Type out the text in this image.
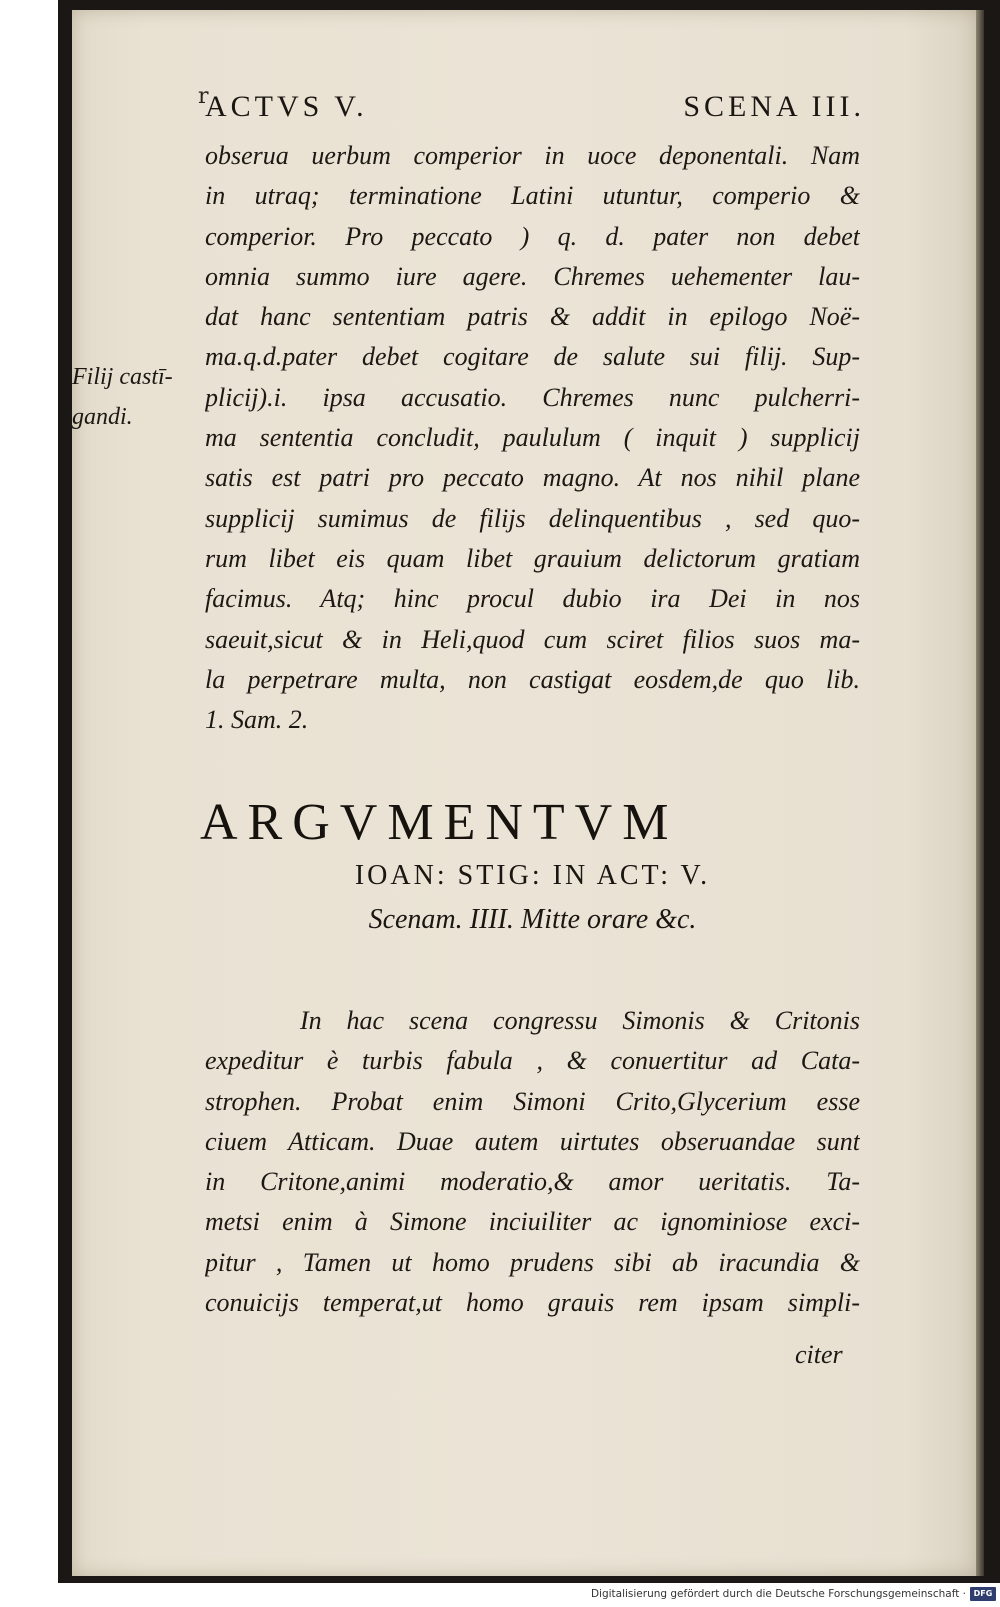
r
ACTVS V.	SCENA III.
Filij castī-
gandi.
obserua uerbum comperior in uoce deponentali. Nam
in utraq; terminatione Latini utuntur, comperio &
comperior. Pro peccato ) q. d. pater non debet
omnia summo iure agere. Chremes uehementer lau-
dat hanc sententiam patris & addit in epilogo Noë-
ma.q.d.pater debet cogitare de salute sui filij. Sup-
plicij).i. ipsa accusatio. Chremes nunc pulcherri-
ma sententia concludit, paululum ( inquit ) supplicij
satis est patri pro peccato magno. At nos nihil plane
supplicij sumimus de filijs delinquentibus , sed quo-
rum libet eis quam libet grauium delictorum gratiam
facimus. Atq; hinc procul dubio ira Dei in nos
saeuit,sicut & in Heli,quod cum sciret filios suos ma-
la perpetrare multa, non castigat eosdem,de quo lib.
1. Sam. 2.
ARGVMENTVM
IOAN: STIG: IN ACT: V.
Scenam. IIII. Mitte orare &c.
In hac scena congressu Simonis & Critonis
expeditur è turbis fabula , & conuertitur ad Cata-
strophen. Probat enim Simoni Crito,Glycerium esse
ciuem Atticam. Duae autem uirtutes obseruandae sunt
in Critone,animi moderatio,& amor ueritatis. Ta-
metsi enim à Simone inciuiliter ac ignominiose exci-
pitur , Tamen ut homo prudens sibi ab iracundia &
conuicijs temperat,ut homo grauis rem ipsam simpli-
citer
Digitalisierung gefördert durch die Deutsche Forschungsgemeinschaft · DFG
